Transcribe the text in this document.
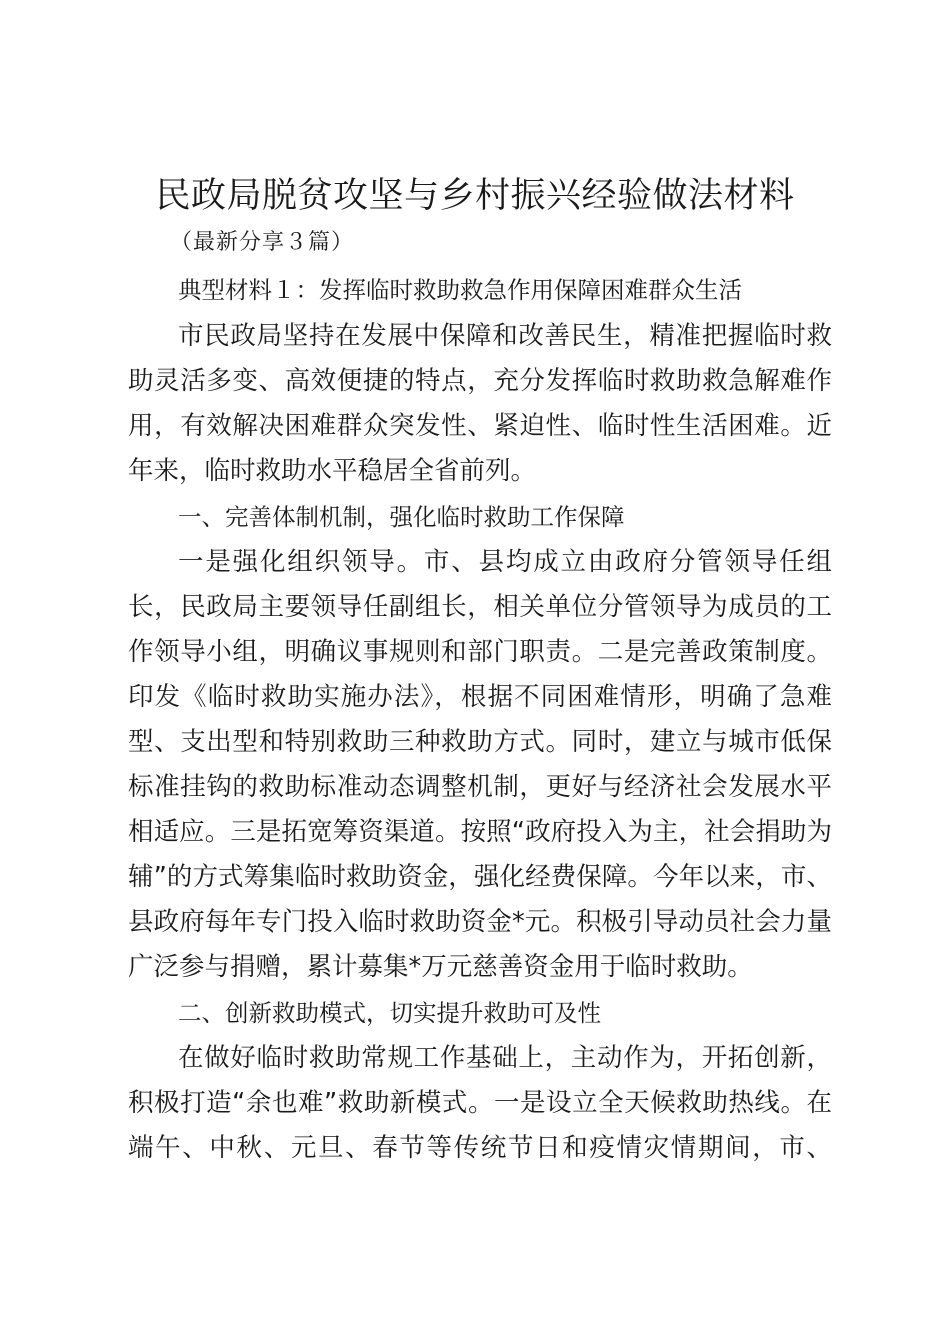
民政局脱贫攻坚与乡村振兴经验做法材料
（最新分享３篇）
典型材料１：发挥临时救助救急作用保障困难群众生活
市民政局坚持在发展中保障和改善民生，精准把握临时救
助灵活多变、高效便捷的特点，充分发挥临时救助救急解难作
用，有效解决困难群众突发性、紧迫性、临时性生活困难。近
年来，临时救助水平稳居全省前列。
一、完善体制机制，强化临时救助工作保障
一是强化组织领导。市、县均成立由政府分管领导任组
长，民政局主要领导任副组长，相关单位分管领导为成员的工
作领导小组，明确议事规则和部门职责。二是完善政策制度。
印发《临时救助实施办法》，根据不同困难情形，明确了急难
型、支出型和特别救助三种救助方式。同时，建立与城市低保
标准挂钩的救助标准动态调整机制，更好与经济社会发展水平
相适应。三是拓宽筹资渠道。按照“政府投入为主，社会捐助为
辅”的方式筹集临时救助资金，强化经费保障。今年以来，市、
县政府每年专门投入临时救助资金*元。积极引导动员社会力量
广泛参与捐赠，累计募集*万元慈善资金用于临时救助。
二、创新救助模式，切实提升救助可及性
在做好临时救助常规工作基础上，主动作为，开拓创新，
积极打造“余也难”救助新模式。一是设立全天候救助热线。在
端午、中秋、元旦、春节等传统节日和疫情灾情期间，市、
